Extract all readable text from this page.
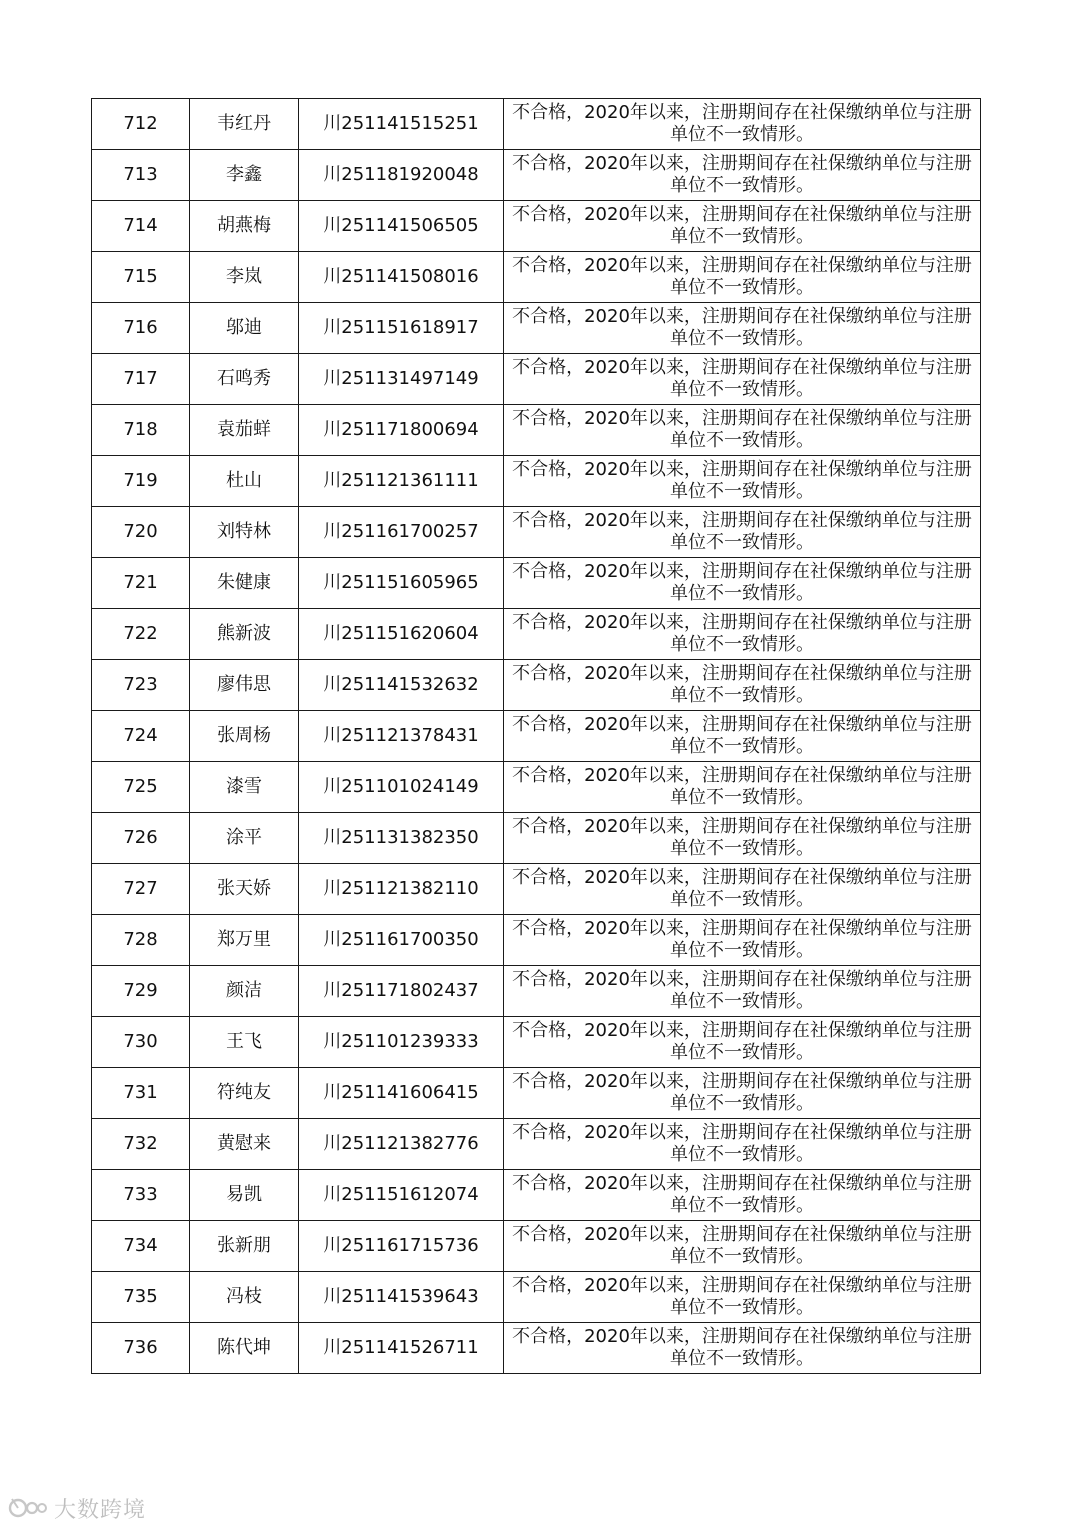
712	韦红丹	川251141515251	不合格，2020年以来，注册期间存在社保缴纳单位与注册单位不一致情形。
713	李鑫	川251181920048	不合格，2020年以来，注册期间存在社保缴纳单位与注册单位不一致情形。
714	胡燕梅	川251141506505	不合格，2020年以来，注册期间存在社保缴纳单位与注册单位不一致情形。
715	李岚	川251141508016	不合格，2020年以来，注册期间存在社保缴纳单位与注册单位不一致情形。
716	邬迪	川251151618917	不合格，2020年以来，注册期间存在社保缴纳单位与注册单位不一致情形。
717	石鸣秀	川251131497149	不合格，2020年以来，注册期间存在社保缴纳单位与注册单位不一致情形。
718	袁茄蛘	川251171800694	不合格，2020年以来，注册期间存在社保缴纳单位与注册单位不一致情形。
719	杜山	川251121361111	不合格，2020年以来，注册期间存在社保缴纳单位与注册单位不一致情形。
720	刘特林	川251161700257	不合格，2020年以来，注册期间存在社保缴纳单位与注册单位不一致情形。
721	朱健康	川251151605965	不合格，2020年以来，注册期间存在社保缴纳单位与注册单位不一致情形。
722	熊新波	川251151620604	不合格，2020年以来，注册期间存在社保缴纳单位与注册单位不一致情形。
723	廖伟思	川251141532632	不合格，2020年以来，注册期间存在社保缴纳单位与注册单位不一致情形。
724	张周杨	川251121378431	不合格，2020年以来，注册期间存在社保缴纳单位与注册单位不一致情形。
725	漆雪	川251101024149	不合格，2020年以来，注册期间存在社保缴纳单位与注册单位不一致情形。
726	涂平	川251131382350	不合格，2020年以来，注册期间存在社保缴纳单位与注册单位不一致情形。
727	张天娇	川251121382110	不合格，2020年以来，注册期间存在社保缴纳单位与注册单位不一致情形。
728	郑万里	川251161700350	不合格，2020年以来，注册期间存在社保缴纳单位与注册单位不一致情形。
729	颜洁	川251171802437	不合格，2020年以来，注册期间存在社保缴纳单位与注册单位不一致情形。
730	王飞	川251101239333	不合格，2020年以来，注册期间存在社保缴纳单位与注册单位不一致情形。
731	符纯友	川251141606415	不合格，2020年以来，注册期间存在社保缴纳单位与注册单位不一致情形。
732	黄慰来	川251121382776	不合格，2020年以来，注册期间存在社保缴纳单位与注册单位不一致情形。
733	易凯	川251151612074	不合格，2020年以来，注册期间存在社保缴纳单位与注册单位不一致情形。
734	张新朋	川251161715736	不合格，2020年以来，注册期间存在社保缴纳单位与注册单位不一致情形。
735	冯枝	川251141539643	不合格，2020年以来，注册期间存在社保缴纳单位与注册单位不一致情形。
736	陈代坤	川251141526711	不合格，2020年以来，注册期间存在社保缴纳单位与注册单位不一致情形。
大数跨境
